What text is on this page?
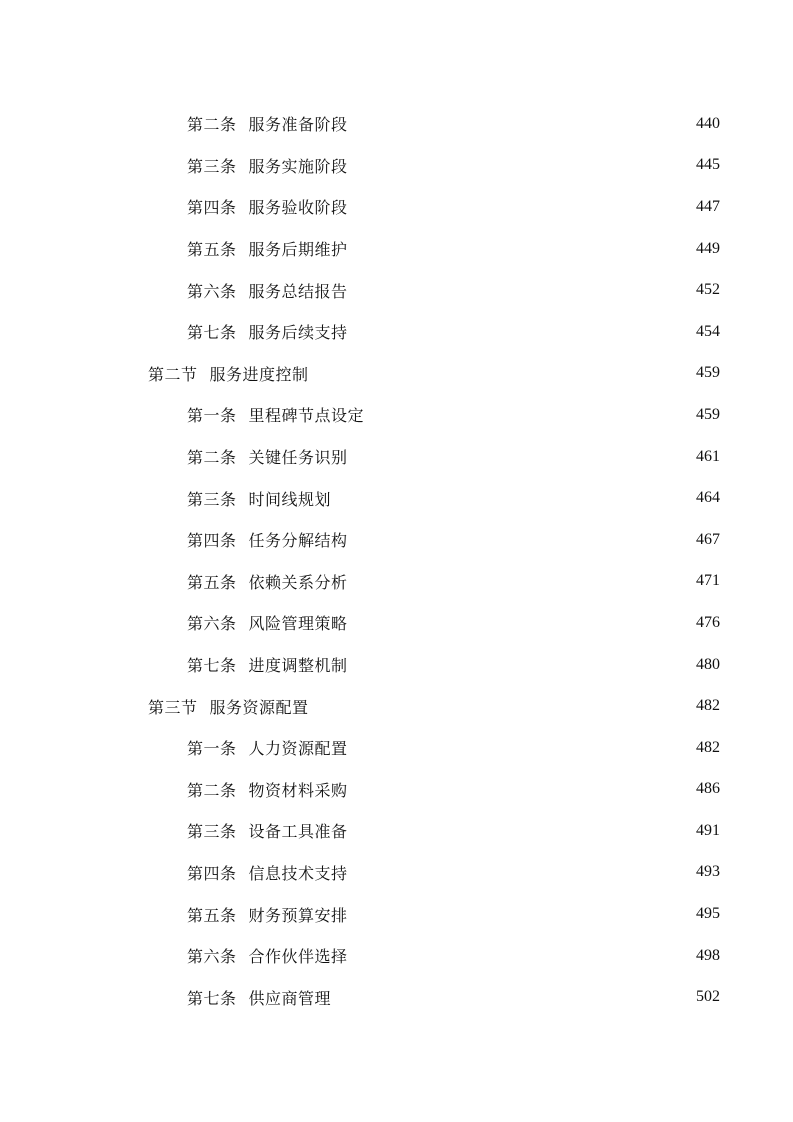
第二条 服务准备阶段	440
第三条 服务实施阶段	445
第四条 服务验收阶段	447
第五条 服务后期维护	449
第六条 服务总结报告	452
第七条 服务后续支持	454
第二节 服务进度控制	459
第一条 里程碑节点设定	459
第二条 关键任务识别	461
第三条 时间线规划	464
第四条 任务分解结构	467
第五条 依赖关系分析	471
第六条 风险管理策略	476
第七条 进度调整机制	480
第三节 服务资源配置	482
第一条 人力资源配置	482
第二条 物资材料采购	486
第三条 设备工具准备	491
第四条 信息技术支持	493
第五条 财务预算安排	495
第六条 合作伙伴选择	498
第七条 供应商管理	502
